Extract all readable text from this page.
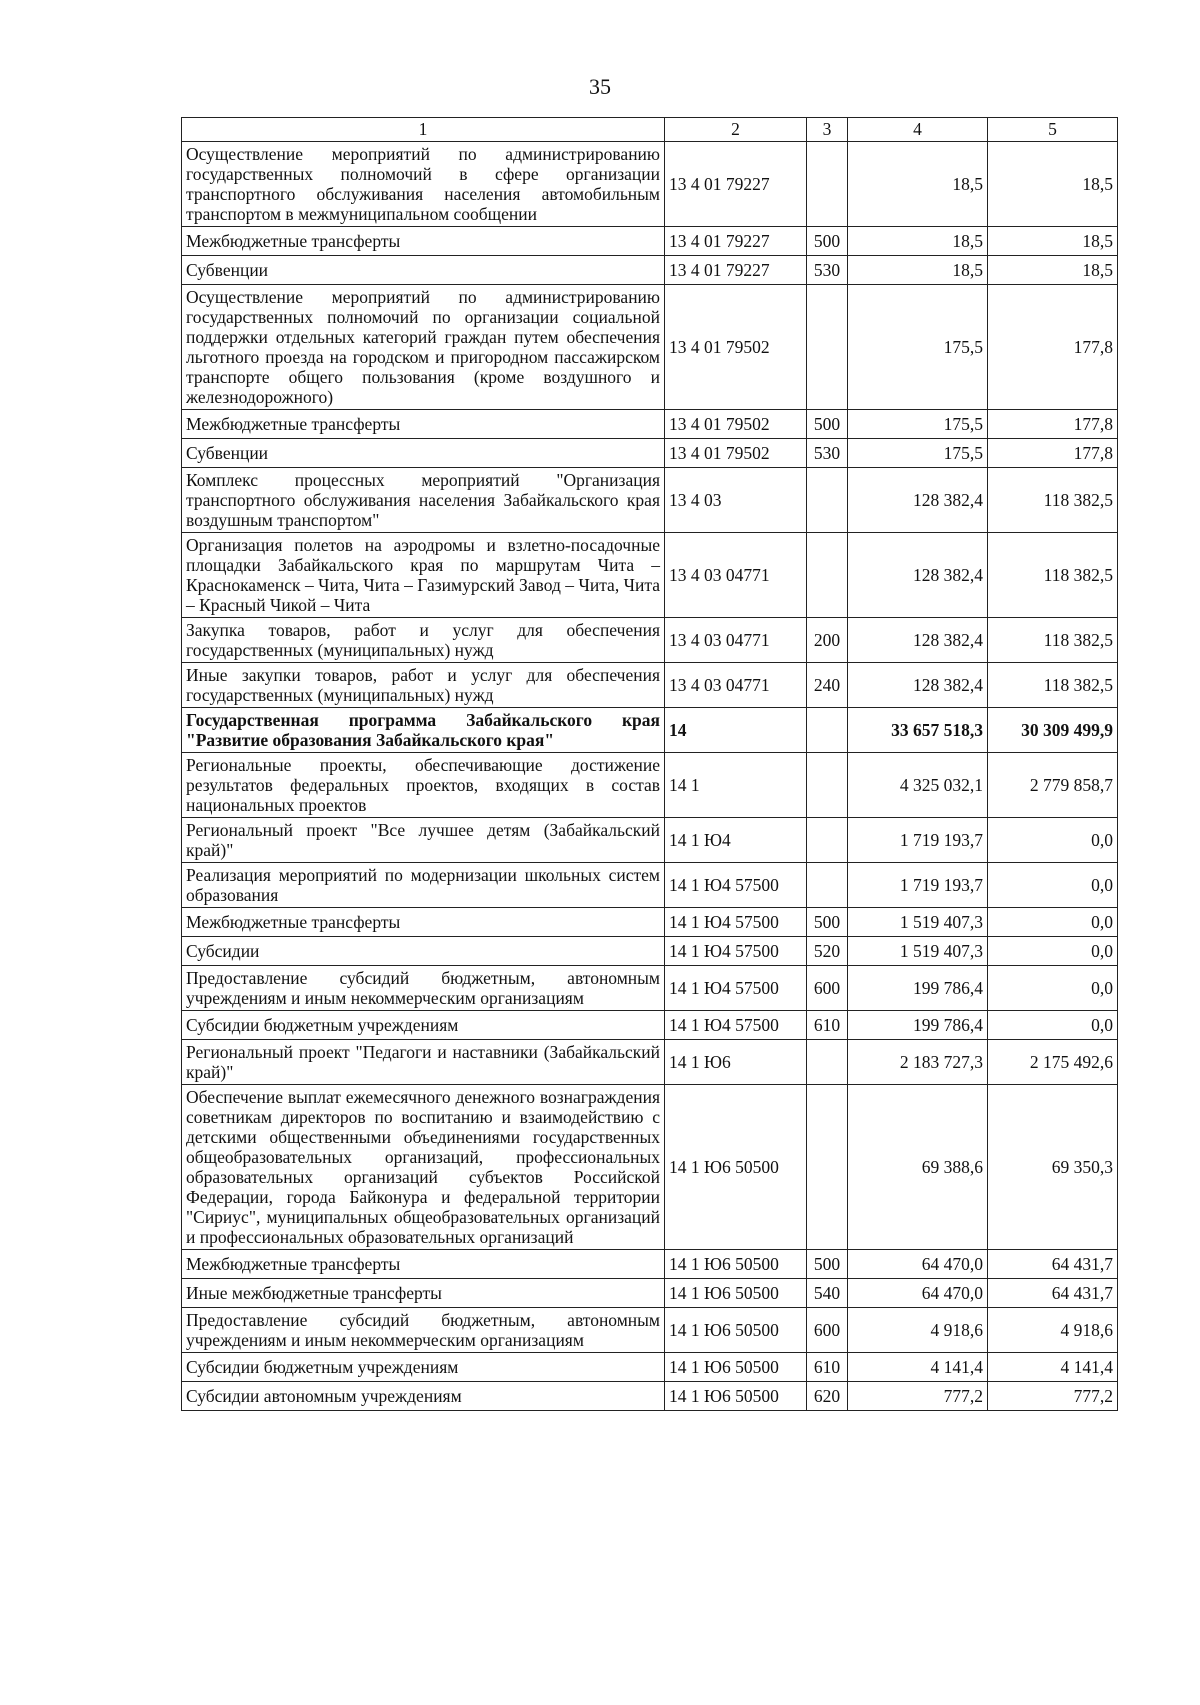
35
1	2	3	4	5
Осуществление мероприятий по администрированию государственных полномочий в сфере организации транспортного обслуживания населения автомобильным транспортом в межмуниципальном сообщении	13 4 01 79227		18,5	18,5
Межбюджетные трансферты	13 4 01 79227	500	18,5	18,5
Субвенции	13 4 01 79227	530	18,5	18,5
Осуществление мероприятий по администрированию государственных полномочий по организации социальной поддержки отдельных категорий граждан путем обеспечения льготного проезда на городском и пригородном пассажирском транспорте общего пользования (кроме воздушного и железнодорожного)	13 4 01 79502		175,5	177,8
Межбюджетные трансферты	13 4 01 79502	500	175,5	177,8
Субвенции	13 4 01 79502	530	175,5	177,8
Комплекс процессных мероприятий "Организация транспортного обслуживания населения Забайкальского края воздушным транспортом"	13 4 03		128 382,4	118 382,5
Организация полетов на аэродромы и взлетно-посадочные площадки Забайкальского края по маршрутам Чита – Краснокаменск – Чита, Чита – Газимурский Завод – Чита, Чита – Красный Чикой – Чита	13 4 03 04771		128 382,4	118 382,5
Закупка товаров, работ и услуг для обеспечения государственных (муниципальных) нужд	13 4 03 04771	200	128 382,4	118 382,5
Иные закупки товаров, работ и услуг для обеспечения государственных (муниципальных) нужд	13 4 03 04771	240	128 382,4	118 382,5
Государственная программа Забайкальского края "Развитие образования Забайкальского края"	14		33 657 518,3	30 309 499,9
Региональные проекты, обеспечивающие достижение результатов федеральных проектов, входящих в состав национальных проектов	14 1		4 325 032,1	2 779 858,7
Региональный проект "Все лучшее детям (Забайкальский край)"	14 1 Ю4		1 719 193,7	0,0
Реализация мероприятий по модернизации школьных систем образования	14 1 Ю4 57500		1 719 193,7	0,0
Межбюджетные трансферты	14 1 Ю4 57500	500	1 519 407,3	0,0
Субсидии	14 1 Ю4 57500	520	1 519 407,3	0,0
Предоставление субсидий бюджетным, автономным учреждениям и иным некоммерческим организациям	14 1 Ю4 57500	600	199 786,4	0,0
Субсидии бюджетным учреждениям	14 1 Ю4 57500	610	199 786,4	0,0
Региональный проект "Педагоги и наставники (Забайкальский край)"	14 1 Ю6		2 183 727,3	2 175 492,6
Обеспечение выплат ежемесячного денежного вознаграждения советникам директоров по воспитанию и взаимодействию с детскими общественными объединениями государственных общеобразовательных организаций, профессиональных образовательных организаций субъектов Российской Федерации, города Байконура и федеральной территории "Сириус", муниципальных общеобразовательных организаций и профессиональных образовательных организаций	14 1 Ю6 50500		69 388,6	69 350,3
Межбюджетные трансферты	14 1 Ю6 50500	500	64 470,0	64 431,7
Иные межбюджетные трансферты	14 1 Ю6 50500	540	64 470,0	64 431,7
Предоставление субсидий бюджетным, автономным учреждениям и иным некоммерческим организациям	14 1 Ю6 50500	600	4 918,6	4 918,6
Субсидии бюджетным учреждениям	14 1 Ю6 50500	610	4 141,4	4 141,4
Субсидии автономным учреждениям	14 1 Ю6 50500	620	777,2	777,2
